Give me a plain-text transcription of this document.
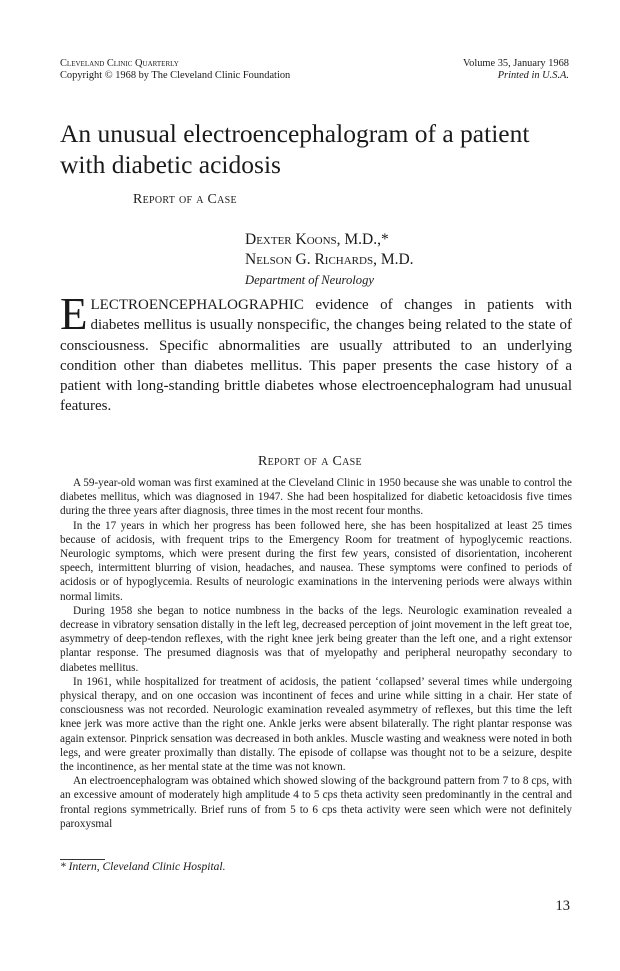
Cleveland Clinic Quarterly
Copyright © 1968 by The Cleveland Clinic Foundation
Volume 35, January 1968
Printed in U.S.A.
An unusual electroencephalogram of a patient with diabetic acidosis
Report of a Case
Dexter Koons, M.D.,*
Nelson G. Richards, M.D.
Department of Neurology

ELECTROENCEPHALOGRAPHIC evidence of changes in patients with diabetes mellitus is usually nonspecific, the changes being related to the state of consciousness. Specific abnormalities are usually attributed to an underlying condition other than diabetes mellitus. This paper presents the case history of a patient with long-standing brittle diabetes whose electroencephalogram had unusual features.

Report of a Case

A 59-year-old woman was first examined at the Cleveland Clinic in 1950 because she was unable to control the diabetes mellitus, which was diagnosed in 1947. She had been hospitalized for diabetic ketoacidosis five times during the three years after diagnosis, three times in the most recent four months.

In the 17 years in which her progress has been followed here, she has been hospitalized at least 25 times because of acidosis, with frequent trips to the Emergency Room for treatment of hypoglycemic reactions. Neurologic symptoms, which were present during the first few years, consisted of disorientation, incoherent speech, intermittent blurring of vision, headaches, and nausea. These symptoms were confined to periods of acidosis or of hypoglycemia. Results of neurologic examinations in the intervening periods were always within normal limits.

During 1958 she began to notice numbness in the backs of the legs. Neurologic examination revealed a decrease in vibratory sensation distally in the left leg, decreased perception of joint movement in the left great toe, asymmetry of deep-tendon reflexes, with the right knee jerk being greater than the left one, and a right extensor plantar response. The presumed diagnosis was that of myelopathy and peripheral neuropathy secondary to diabetes mellitus.

In 1961, while hospitalized for treatment of acidosis, the patient ‘collapsed’ several times while undergoing physical therapy, and on one occasion was incontinent of feces and urine while sitting in a chair. Her state of consciousness was not recorded. Neurologic examination revealed asymmetry of reflexes, but this time the left knee jerk was more active than the right one. Ankle jerks were absent bilaterally. The right plantar response was again extensor. Pinprick sensation was decreased in both ankles. Muscle wasting and weakness were noted in both legs, and were greater proximally than distally. The episode of collapse was thought not to be a seizure, despite the incontinence, as her mental state at the time was not known.

An electroencephalogram was obtained which showed slowing of the background pattern from 7 to 8 cps, with an excessive amount of moderately high amplitude 4 to 5 cps theta activity seen predominantly in the central and frontal regions symmetrically. Brief runs of from 5 to 6 cps theta activity were seen which were not definitely paroxysmal

* Intern, Cleveland Clinic Hospital.
13
